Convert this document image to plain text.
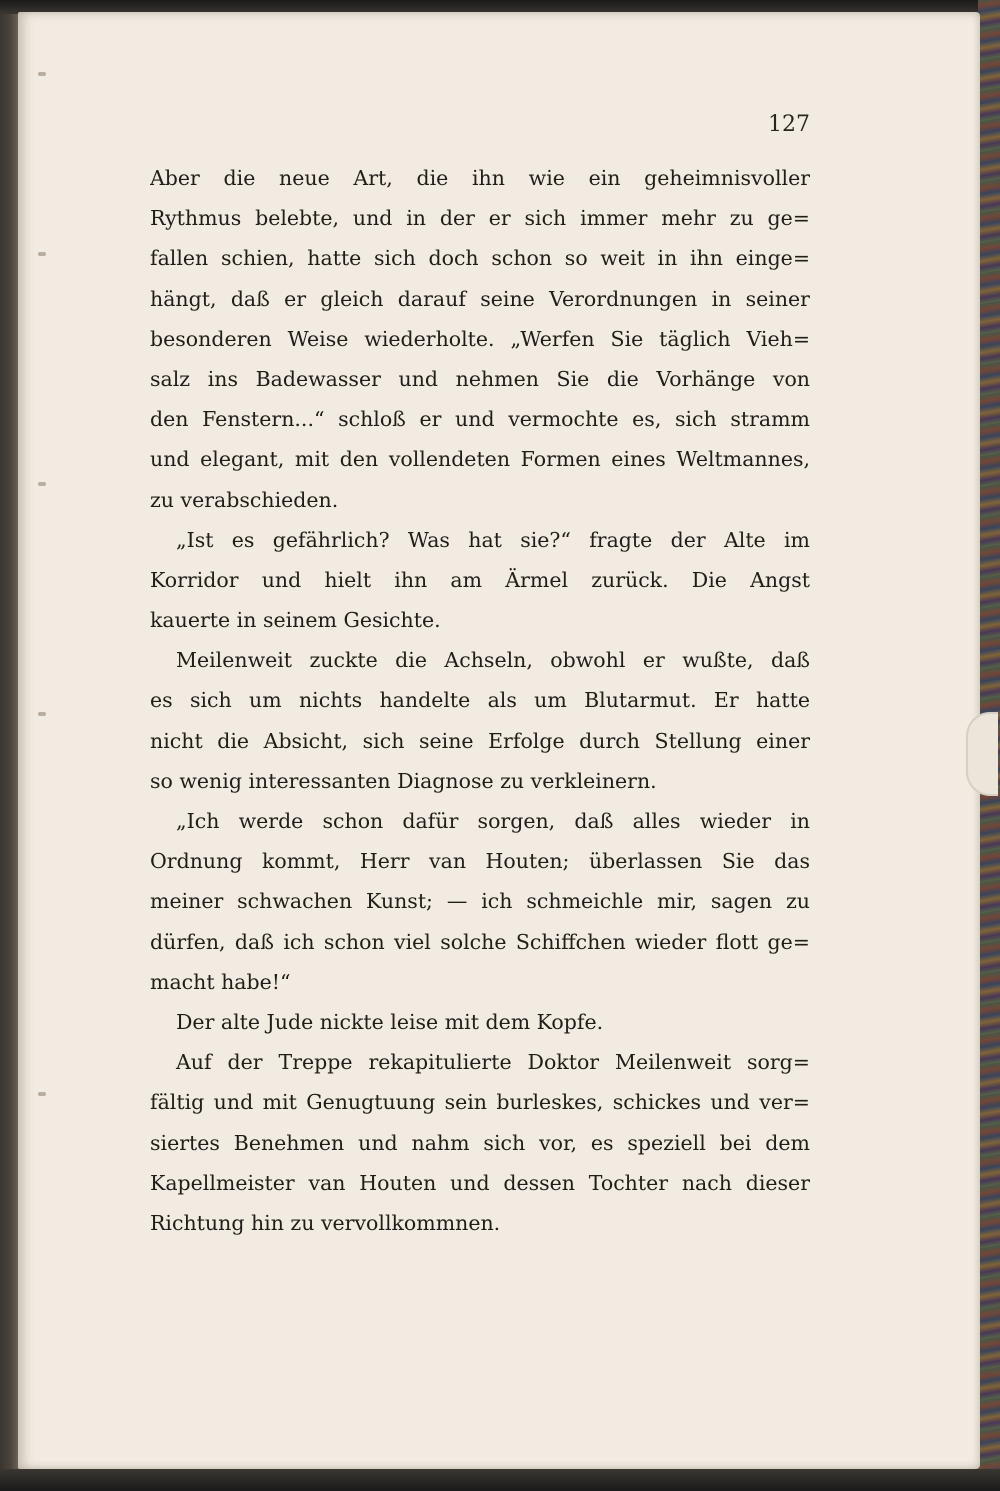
127
Aber die neue Art, die ihn wie ein geheimnisvoller
Rythmus belebte, und in der er sich immer mehr zu ge=
fallen schien, hatte sich doch schon so weit in ihn einge=
hängt, daß er gleich darauf seine Verordnungen in seiner
besonderen Weise wiederholte. „Werfen Sie täglich Vieh=
salz ins Badewasser und nehmen Sie die Vorhänge von
den Fenstern...“ schloß er und vermochte es, sich stramm
und elegant, mit den vollendeten Formen eines Weltmannes,
zu verabschieden.
„Ist es gefährlich? Was hat sie?“ fragte der Alte im
Korridor und hielt ihn am Ärmel zurück. Die Angst
kauerte in seinem Gesichte.
Meilenweit zuckte die Achseln, obwohl er wußte, daß
es sich um nichts handelte als um Blutarmut. Er hatte
nicht die Absicht, sich seine Erfolge durch Stellung einer
so wenig interessanten Diagnose zu verkleinern.
„Ich werde schon dafür sorgen, daß alles wieder in
Ordnung kommt, Herr van Houten; überlassen Sie das
meiner schwachen Kunst; — ich schmeichle mir, sagen zu
dürfen, daß ich schon viel solche Schiffchen wieder flott ge=
macht habe!“
Der alte Jude nickte leise mit dem Kopfe.
Auf der Treppe rekapitulierte Doktor Meilenweit sorg=
fältig und mit Genugtuung sein burleskes, schickes und ver=
siertes Benehmen und nahm sich vor, es speziell bei dem
Kapellmeister van Houten und dessen Tochter nach dieser
Richtung hin zu vervollkommnen.
